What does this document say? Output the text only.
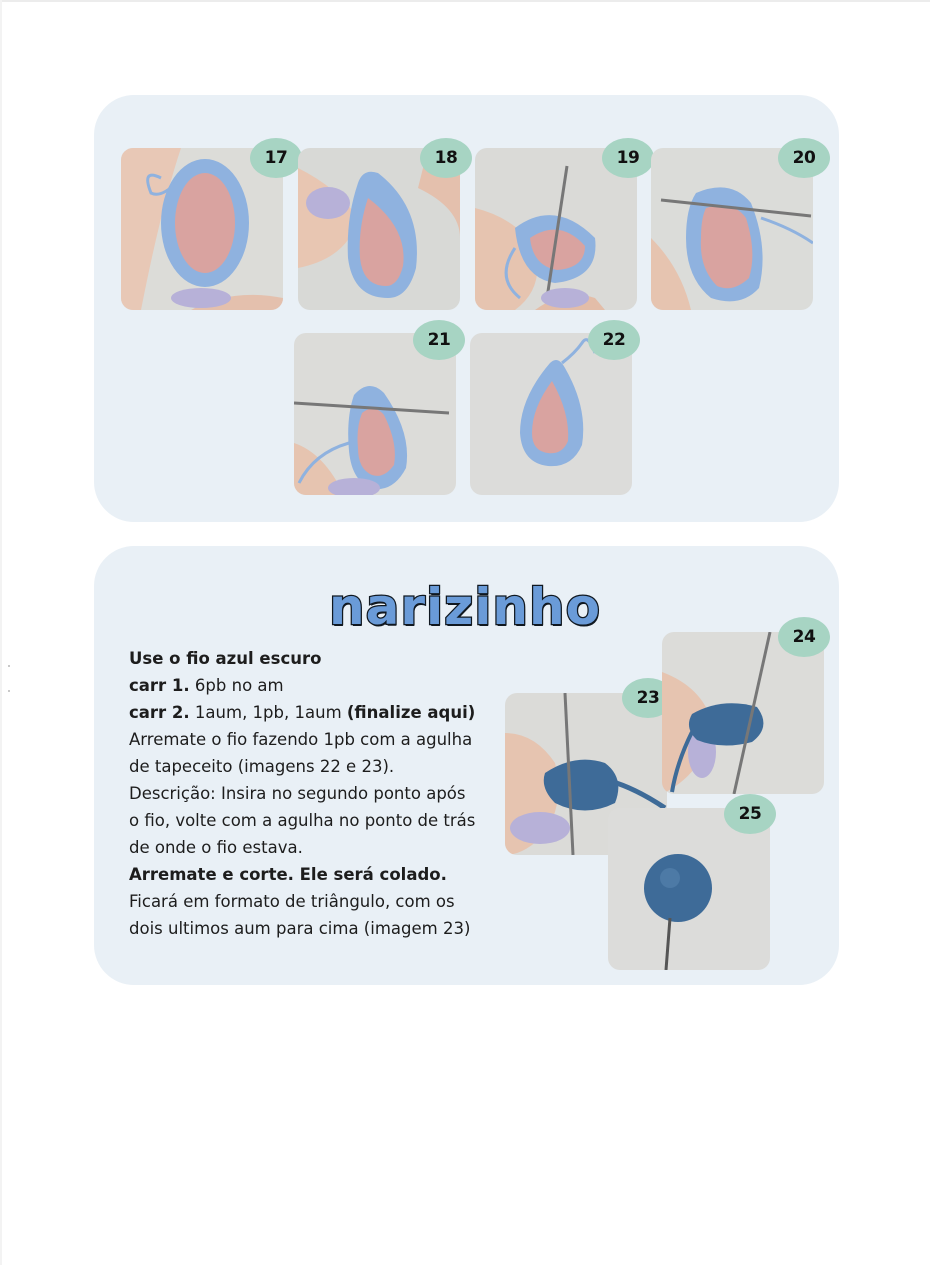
17	18	19	20
21	22
narizinho

Use o fio azul escuro

carr 1. 6pb no am

carr 2. 1aum, 1pb, 1aum (finalize aqui)

Arremate o fio fazendo 1pb com a agulha

de tapeceito (imagens 22 e 23).

Descrição: Insira no segundo ponto após

o fio, volte com a agulha no ponto de trás

de onde o fio estava.

Arremate e corte. Ele será colado.

Ficará em formato de triângulo, com os

dois ultimos aum para cima (imagem 23)

23
24
25
